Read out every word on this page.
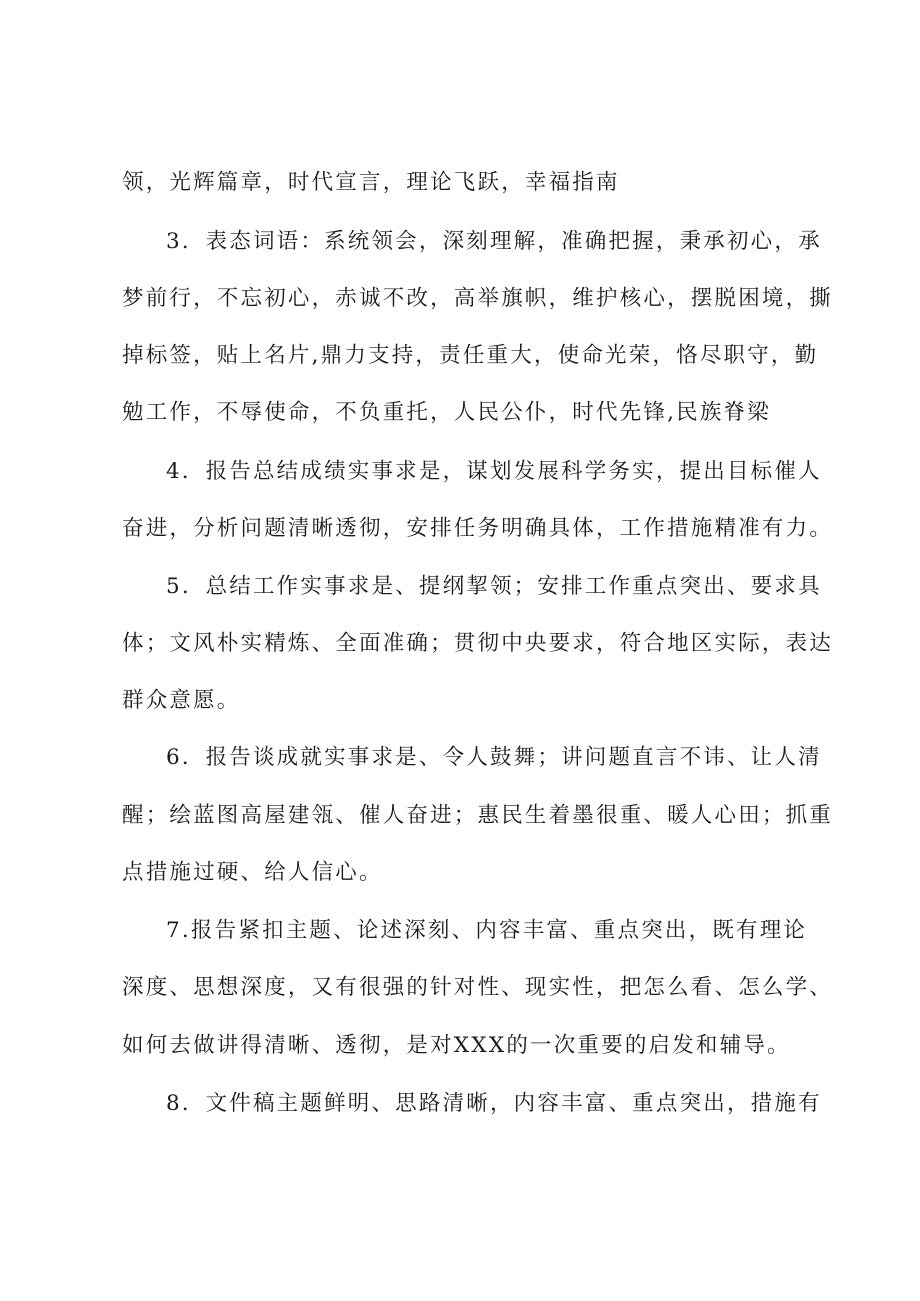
领，光辉篇章，时代宣言，理论飞跃，幸福指南
3．表态词语：系统领会，深刻理解，准确把握，秉承初心，承
梦前行，不忘初心，赤诚不改，高举旗帜，维护核心，摆脱困境，撕
掉标签，贴上名片,鼎力支持，责任重大，使命光荣，恪尽职守，勤
勉工作，不辱使命，不负重托，人民公仆，时代先锋,民族脊梁
4．报告总结成绩实事求是，谋划发展科学务实，提出目标催人
奋进，分析问题清晰透彻，安排任务明确具体，工作措施精准有力。
5．总结工作实事求是、提纲挈领；安排工作重点突出、要求具
体；文风朴实精炼、全面准确；贯彻中央要求，符合地区实际，表达
群众意愿。
6．报告谈成就实事求是、令人鼓舞；讲问题直言不讳、让人清
醒；绘蓝图高屋建瓴、催人奋进；惠民生着墨很重、暖人心田；抓重
点措施过硬、给人信心。
7.报告紧扣主题、论述深刻、内容丰富、重点突出，既有理论
深度、思想深度，又有很强的针对性、现实性，把怎么看、怎么学、
如何去做讲得清晰、透彻，是对XXX的一次重要的启发和辅导。
8．文件稿主题鲜明、思路清晰，内容丰富、重点突出，措施有
